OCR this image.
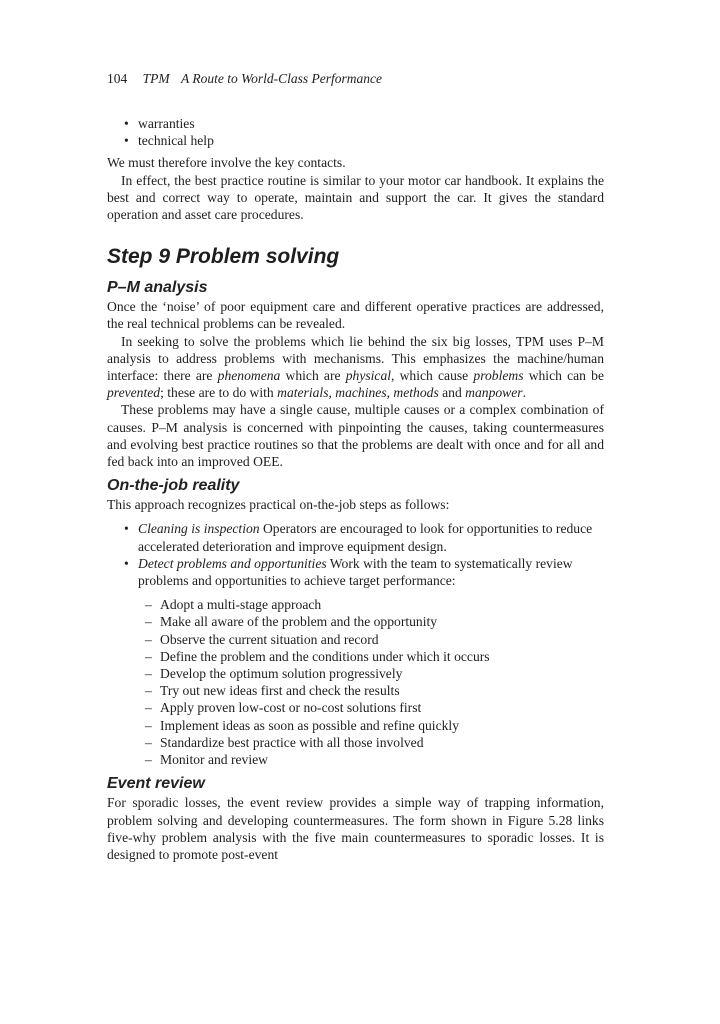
104 TPM A Route to World-Class Performance
• warranties
• technical help

We must therefore involve the key contacts.

In effect, the best practice routine is similar to your motor car handbook. It explains the best and correct way to operate, maintain and support the car. It gives the standard operation and asset care procedures.

Step 9 Problem solving
P–M analysis

Once the ‘noise’ of poor equipment care and different operative practices are addressed, the real technical problems can be revealed.

In seeking to solve the problems which lie behind the six big losses, TPM uses P–M analysis to address problems with mechanisms. This emphasizes the machine/human interface: there are phenomena which are physical, which cause problems which can be prevented; these are to do with materials, machines, methods and manpower.

These problems may have a single cause, multiple causes or a complex combination of causes. P–M analysis is concerned with pinpointing the causes, taking countermeasures and evolving best practice routines so that the problems are dealt with once and for all and fed back into an improved OEE.

On-the-job reality

This approach recognizes practical on-the-job steps as follows:

• Cleaning is inspection Operators are encouraged to look for opportunities to reduce accelerated deterioration and improve equipment design.
• Detect problems and opportunities Work with the team to systematically review problems and opportunities to achieve target performance:
– Adopt a multi-stage approach
– Make all aware of the problem and the opportunity
– Observe the current situation and record
– Define the problem and the conditions under which it occurs
– Develop the optimum solution progressively
– Try out new ideas first and check the results
– Apply proven low-cost or no-cost solutions first
– Implement ideas as soon as possible and refine quickly
– Standardize best practice with all those involved
– Monitor and review
Event review

For sporadic losses, the event review provides a simple way of trapping information, problem solving and developing countermeasures. The form shown in Figure 5.28 links five-why problem analysis with the five main countermeasures to sporadic losses. It is designed to promote post-event
